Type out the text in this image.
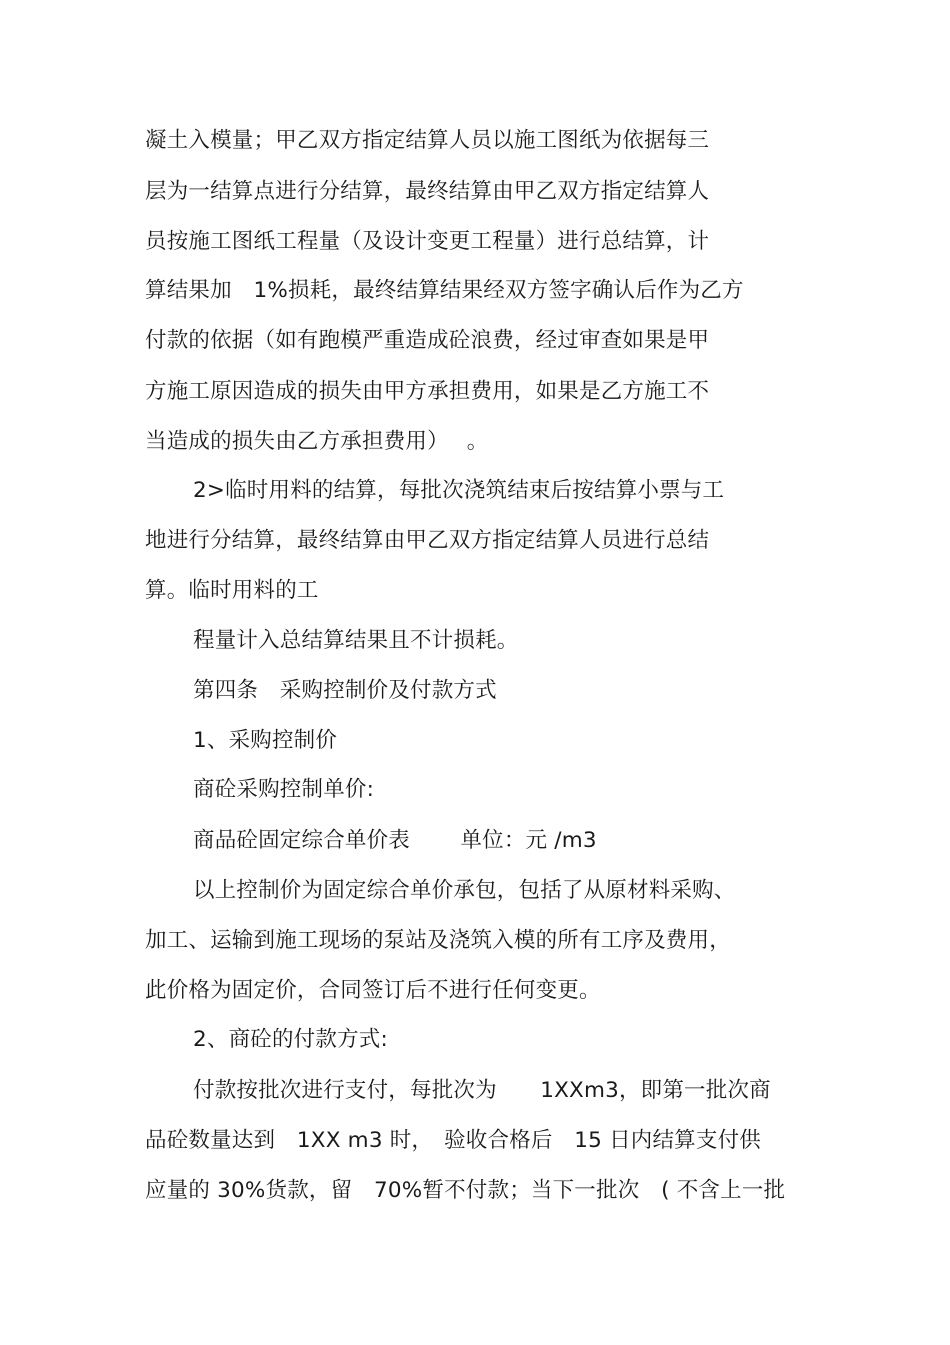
凝土入模量；甲乙双方指定结算人员以施工图纸为依据每三
层为一结算点进行分结算，最终结算由甲乙双方指定结算人
员按施工图纸工程量（及设计变更工程量）进行总结算，计
算结果加　1%损耗，最终结算结果经双方签字确认后作为乙方
付款的依据（如有跑模严重造成砼浪费，经过审查如果是甲
方施工原因造成的损失由甲方承担费用，如果是乙方施工不
当造成的损失由乙方承担费用）　 。
2>临时用料的结算，每批次浇筑结束后按结算小票与工
地进行分结算，最终结算由甲乙双方指定结算人员进行总结
算。临时用料的工
程量计入总结算结果且不计损耗。
第四条　采购控制价及付款方式
1、采购控制价
商砼采购控制单价:
商品砼固定综合单价表　　 单位：元 /m3
以上控制价为固定综合单价承包，包括了从原材料采购、
加工、运输到施工现场的泵站及浇筑入模的所有工序及费用，
此价格为固定价，合同签订后不进行任何变更。
2、商砼的付款方式:
付款按批次进行支付，每批次为　　1XXm3，即第一批次商
品砼数量达到　1XX m3 时，　验收合格后　15 日内结算支付供
应量的 30%货款，留　70%暂不付款；当下一批次　( 不含上一批
